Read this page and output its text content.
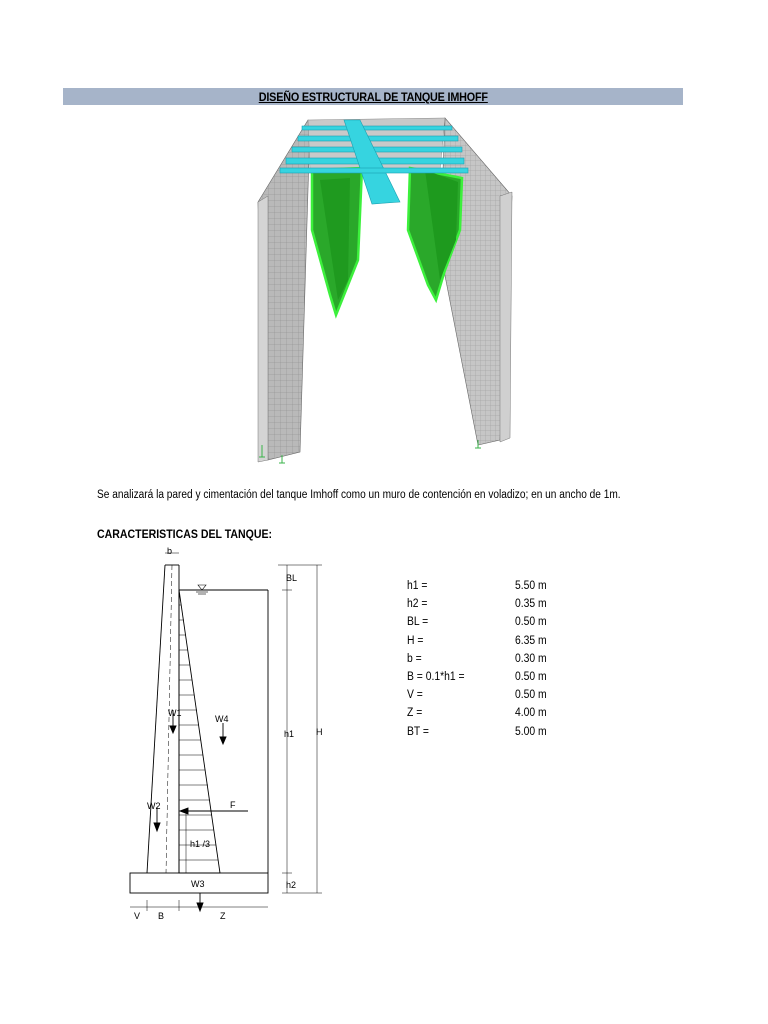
DISEÑO ESTRUCTURAL DE TANQUE IMHOFF
Se analizará la pared y cimentación del tanque Imhoff como un muro de contención en voladizo; en un ancho de 1m.
CARACTERISTICAS DEL TANQUE:
b
BL
h1 H
h2
W1
W4
W2
W3
F
h1 /3
V B	Z
h1 =	5.50 m
h2 =	0.35 m
BL =	0.50 m
H =	6.35 m
b =	0.30 m
B = 0.1*h1 =	0.50 m
V =	0.50 m
Z =	4.00 m
BT =	5.00 m
